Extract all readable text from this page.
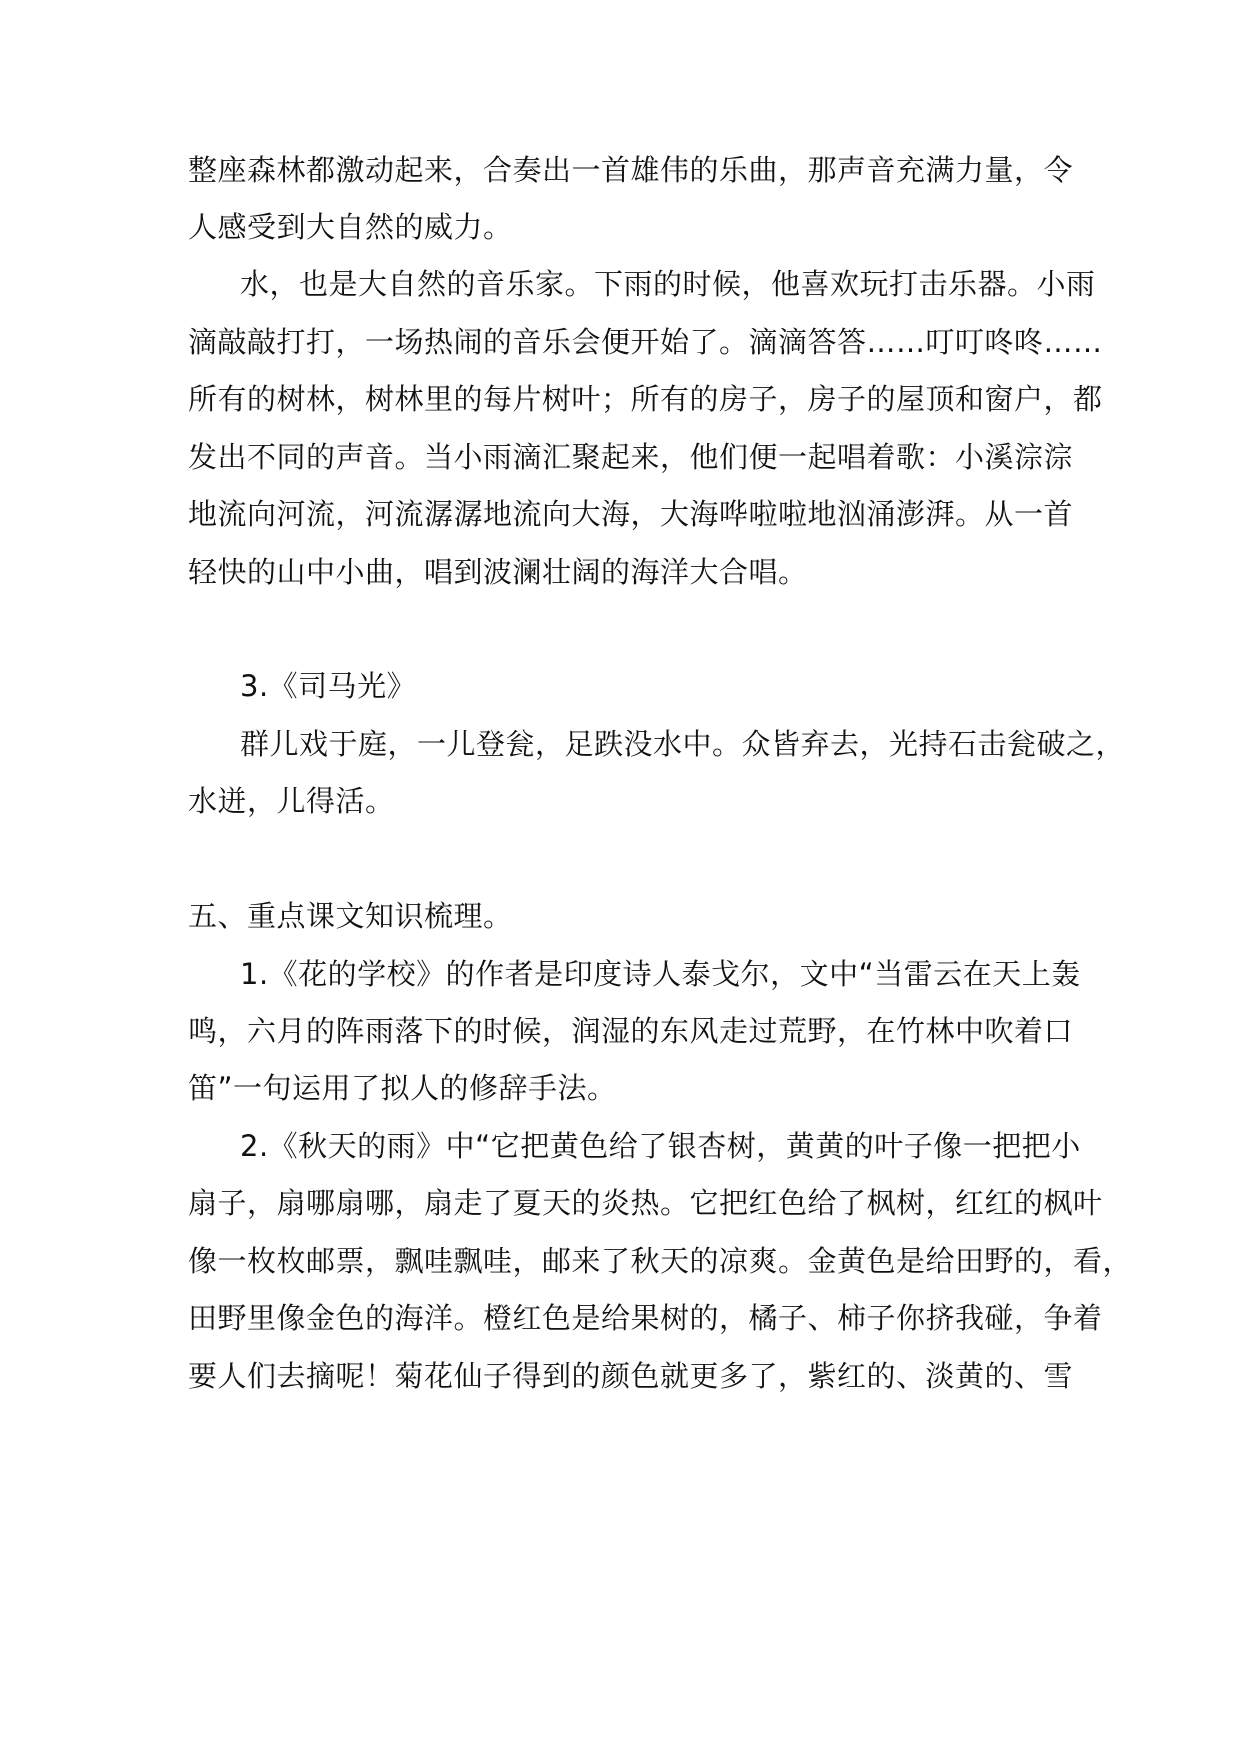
整座森林都激动起来，合奏出一首雄伟的乐曲，那声音充满力量，令
人感受到大自然的威力。
水，也是大自然的音乐家。下雨的时候，他喜欢玩打击乐器。小雨
滴敲敲打打，一场热闹的音乐会便开始了。滴滴答答……叮叮咚咚……
所有的树林，树林里的每片树叶；所有的房子，房子的屋顶和窗户，都
发出不同的声音。当小雨滴汇聚起来，他们便一起唱着歌：小溪淙淙
地流向河流，河流潺潺地流向大海，大海哗啦啦地汹涌澎湃。从一首
轻快的山中小曲，唱到波澜壮阔的海洋大合唱。
3.《司马光》
群儿戏于庭，一儿登瓮，足跌没水中。众皆弃去，光持石击瓮破之，
水迸，儿得活。
五、重点课文知识梳理。
1.《花的学校》的作者是印度诗人泰戈尔，文中“当雷云在天上轰
鸣，六月的阵雨落下的时候，润湿的东风走过荒野，在竹林中吹着口
笛”一句运用了拟人的修辞手法。
2.《秋天的雨》中“它把黄色给了银杏树，黄黄的叶子像一把把小
扇子，扇哪扇哪，扇走了夏天的炎热。它把红色给了枫树，红红的枫叶
像一枚枚邮票，飘哇飘哇，邮来了秋天的凉爽。金黄色是给田野的，看，
田野里像金色的海洋。橙红色是给果树的，橘子、柿子你挤我碰，争着
要人们去摘呢！菊花仙子得到的颜色就更多了，紫红的、淡黄的、雪
